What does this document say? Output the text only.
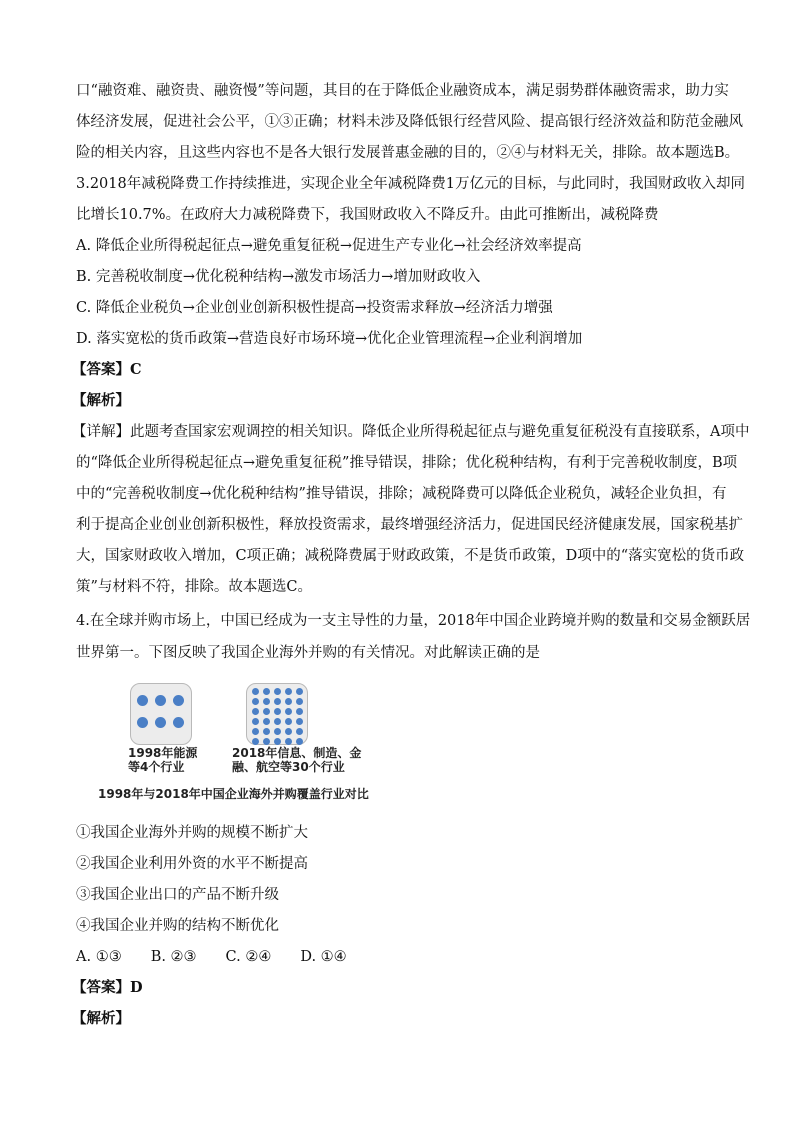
口“融资难、融资贵、融资慢”等问题，其目的在于降低企业融资成本，满足弱势群体融资需求，助力实
体经济发展，促进社会公平，①③正确；材料未涉及降低银行经营风险、提高银行经济效益和防范金融风
险的相关内容，且这些内容也不是各大银行发展普惠金融的目的，②④与材料无关，排除。故本题选B。
3.2018年减税降费工作持续推进，实现企业全年减税降费1万亿元的目标，与此同时，我国财政收入却同
比增长10.7%。在政府大力减税降费下，我国财政收入不降反升。由此可推断出，减税降费
A. 降低企业所得税起征点→避免重复征税→促进生产专业化→社会经济效率提高
B. 完善税收制度→优化税种结构→激发市场活力→增加财政收入
C. 降低企业税负→企业创业创新积极性提高→投资需求释放→经济活力增强
D. 落实宽松的货币政策→营造良好市场环境→优化企业管理流程→企业利润增加
【答案】C
【解析】
【详解】此题考查国家宏观调控的相关知识。降低企业所得税起征点与避免重复征税没有直接联系，A项中
的“降低企业所得税起征点→避免重复征税”推导错误，排除；优化税种结构，有利于完善税收制度，B项
中的“完善税收制度→优化税种结构”推导错误，排除；减税降费可以降低企业税负，减轻企业负担，有
利于提高企业创业创新积极性，释放投资需求，最终增强经济活力，促进国民经济健康发展，国家税基扩
大，国家财政收入增加，C项正确；减税降费属于财政政策，不是货币政策，D项中的“落实宽松的货币政
策”与材料不符，排除。故本题选C。
4.在全球并购市场上，中国已经成为一支主导性的力量，2018年中国企业跨境并购的数量和交易金额跃居
世界第一。下图反映了我国企业海外并购的有关情况。对此解读正确的是
1998年能源
等4个行业
2018年信息、制造、金
融、航空等30个行业
1998年与2018年中国企业海外并购覆盖行业对比
①我国企业海外并购的规模不断扩大
②我国企业利用外资的水平不断提高
③我国企业出口的产品不断升级
④我国企业并购的结构不断优化
A. ①③　　B. ②③　　C. ②④　　D. ①④
【答案】D
【解析】
